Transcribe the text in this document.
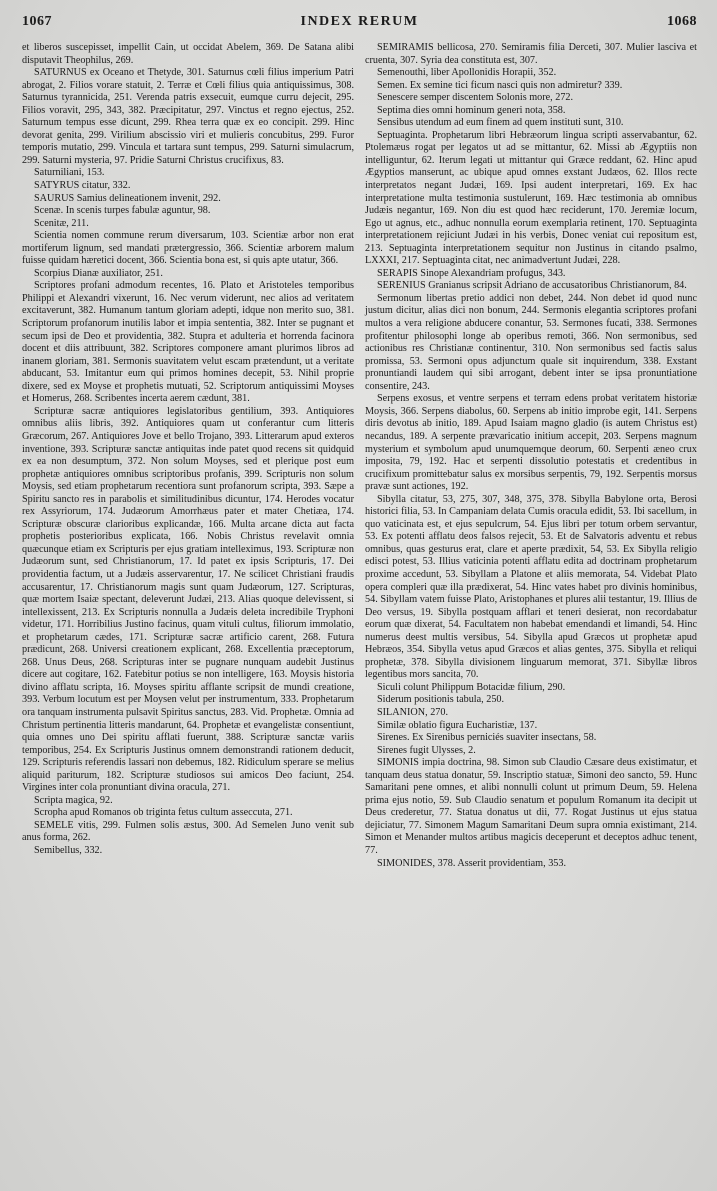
1067	INDEX RERUM	1068

et liberos suscepisset, impellit Cain, ut occidat Abelem, 369. De Satana alibi disputavit Theophilus, 269.

SATURNUS ex Oceano et Thetyde, 301. Saturnus cœli filius imperium Patri abrogat, 2. Filios vorare statuit, 2. Terræ et Cœli filius quia antiquissimus, 308. Saturnus tyrannicida, 251. Verenda patris exsecuit, eumque curru dejecit, 295. Filios voravit, 295, 343, 382. Præcipitatur, 297. Vinctus et regno ejectus, 252. Saturnum tempus esse dicunt, 299. Rhea terra quæ ex eo concipit. 299. Hinc devorat genita, 299. Virilium abscissio viri et mulieris concubitus, 299. Furor temporis mutatio, 299. Vincula et tartara sunt tempus, 299. Saturni simulacrum, 299. Saturni mysteria, 97. Pridie Saturni Christus crucifixus, 83.

Saturniliani, 153.

SATYRUS citatur, 332.

SAURUS Samius delineationem invenit, 292.

Scenæ. In scenis turpes fabulæ aguntur, 98.

Scenitæ, 211.

Scientia nomen commune rerum diversarum, 103. Scientiæ arbor non erat mortiferum lignum, sed mandati prætergressio, 366. Scientiæ arborem malum fuisse quidam hæretici docent, 366. Scientia bona est, si quis apte utatur, 366.

Scorpius Dianæ auxiliator, 251.

Scriptores profani admodum recentes, 16. Plato et Aristoteles temporibus Philippi et Alexandri vixerunt, 16. Nec verum viderunt, nec alios ad veritatem excitaverunt, 382. Humanum tantum gloriam adepti, idque non merito suo, 381. Scriptorum profanorum inutilis labor et impia sententia, 382. Inter se pugnant et secum ipsi de Deo et providentia, 382. Stupra et adulteria et horrenda facinora docent et diis attribuunt, 382. Scriptores componere amant plurimos libros ad inanem gloriam, 381. Sermonis suavitatem velut escam prætendunt, ut a veritate abducant, 53. Imitantur eum qui primos homines decepit, 53. Nihil proprie dixere, sed ex Moyse et prophetis mutuati, 52. Scriptorum antiquissimi Moyses et Homerus, 268. Scribentes incerta aerem cædunt, 381.

Scripturæ sacræ antiquiores legislatoribus gentilium, 393. Antiquiores omnibus aliis libris, 392. Antiquiores quam ut conferantur cum litteris Græcorum, 267. Antiquiores Jove et bello Trojano, 393. Litterarum apud exteros inventione, 393. Scripturæ sanctæ antiquitas inde patet quod recens sit quidquid ex ea non desumptum, 372. Non solum Moyses, sed et plerique post eum prophetæ antiquiores omnibus scriptoribus profanis, 399. Scripturis non solum Moysis, sed etiam prophetarum recentiora sunt profanorum scripta, 393. Sæpe a Spiritu sancto res in parabolis et similitudinibus dicuntur, 174. Herodes vocatur rex Assyriorum, 174. Judæorum Amorrhæus pater et mater Chetiæa, 174. Scripturæ obscuræ clarioribus explicandæ, 166. Multa arcane dicta aut facta prophetis posterioribus explicata, 166. Nobis Christus revelavit omnia quæcunque etiam ex Scripturis per ejus gratiam intelleximus, 193. Scripturæ non Judæorum sunt, sed Christianorum, 17. Id patet ex ipsis Scripturis, 17. Dei providentia factum, ut a Judæis asservarentur, 17. Ne scilicet Christiani fraudis accusarentur, 17. Christianorum magis sunt quam Judæorum, 127. Scripturas, quæ mortem Isaiæ spectant, deleverunt Judæi, 213. Alias quoque delevissent, si intellexissent, 213. Ex Scripturis nonnulla a Judæis deleta incredibile Tryphoni videtur, 171. Horribilius Justino facinus, quam vituli cultus, filiorum immolatio, et prophetarum cædes, 171. Scripturæ sacræ artificio carent, 268. Futura prædicunt, 268. Universi creationem explicant, 268. Excellentia præceptorum, 268. Unus Deus, 268. Scripturas inter se pugnare nunquam audebit Justinus dicere aut cogitare, 162. Fatebitur potius se non intelligere, 163. Moysis historia divino afflatu scripta, 16. Moyses spiritu afflante scripsit de mundi creatione, 393. Verbum locutum est per Moysen velut per instrumentum, 333. Prophetarum ora tanquam instrumenta pulsavit Spiritus sanctus, 283. Vid. Prophetæ. Omnia ad Christum pertinentia litteris mandarunt, 64. Prophetæ et evangelistæ consentiunt, quia omnes uno Dei spiritu afflati fuerunt, 388. Scripturæ sanctæ variis temporibus, 254. Ex Scripturis Justinus omnem demonstrandi rationem deducit, 129. Scripturis referendis lassari non debemus, 182. Ridiculum sperare se melius aliquid pariturum, 182. Scripturæ studiosos sui amicos Deo faciunt, 254. Virgines inter cola pronuntiant divina oracula, 271.

Scripta magica, 92.

Scropha apud Romanos ob triginta fetus cultum asseccuta, 271.

SEMELE vitis, 299. Fulmen solis æstus, 300. Ad Semelen Juno venit sub anus forma, 262.

Semibellus, 332.

SEMIRAMIS bellicosa, 270. Semiramis filia Derceti, 307. Mulier lasciva et cruenta, 307. Syria dea constituta est, 307.

Semenouthi, liber Apollonidis Horapii, 352.

Semen. Ex semine tici ficum nasci quis non admiretur? 339.

Senescere semper discentem Solonis more, 272.

Septima dies omni hominum generi nota, 358.

Sensibus utendum ad eum finem ad quem instituti sunt, 310.

Septuaginta. Prophetarum libri Hebræorum lingua scripti asservabantur, 62. Ptolemæus rogat per legatos ut ad se mittantur, 62. Missi ab Ægyptiis non intelliguntur, 62. Iterum legati ut mittantur qui Græce reddant, 62. Hinc apud Ægyptios manserunt, ac ubique apud omnes exstant Judæos, 62. Illos recte interpretatos negant Judæi, 169. Ipsi audent interpretari, 169. Ex hac interpretatione multa testimonia sustulerunt, 169. Hæc testimonia ab omnibus Judæis negantur, 169. Non diu est quod hæc reciderunt, 170. Jeremiæ locum, Ego ut agnus, etc., adhuc nonnulla eorum exemplaria retinent, 170. Septuaginta interpretationem rejiciunt Judæi in his verbis, Donec veniat cui repositum est, 213. Septuaginta interpretationem sequitur non Justinus in citando psalmo, LXXXI, 217. Septuaginta citat, nec animadvertunt Judæi, 228.

SERAPIS Sinope Alexandriam profugus, 343.

SERENIUS Granianus scripsit Adriano de accusatoribus Christianorum, 84.

Sermonum libertas pretio addici non debet, 244. Non debet id quod nunc justum dicitur, alias dici non bonum, 244. Sermonis elegantia scriptores profani multos a vera religione abducere conantur, 53. Sermones fucati, 338. Sermones profitentur philosophi longe ab operibus remoti, 366. Non sermonibus, sed actionibus res Christianæ continentur, 310. Non sermonibus sed factis salus promissa, 53. Sermoni opus adjunctum quale sit inquirendum, 338. Exstant pronuntiandi laudem qui sibi arrogant, debent inter se ipsa pronuntiatione consentire, 243.

Serpens exosus, et ventre serpens et terram edens probat veritatem historiæ Moysis, 366. Serpens diabolus, 60. Serpens ab initio improbe egit, 141. Serpens diris devotus ab initio, 189. Apud Isaiam magno gladio (is autem Christus est) necandus, 189. A serpente prævaricatio initium accepit, 203. Serpens magnum mysterium et symbolum apud unumquemque deorum, 60. Serpenti æneo crux imposita, 79, 192. Hac et serpenti dissolutio potestatis et credentibus in crucifixum promittebatur salus ex morsibus serpentis, 79, 192. Serpentis morsus pravæ sunt actiones, 192.

Sibylla citatur, 53, 275, 307, 348, 375, 378. Sibylla Babylone orta, Berosi historici filia, 53. In Campaniam delata Cumis oracula edidit, 53. Ibi sacellum, in quo vaticinata est, et ejus sepulcrum, 54. Ejus libri per totum orbem servantur, 53. Ex potenti afflatu deos falsos rejecit, 53. Et de Salvatoris adventu et rebus omnibus, quas gesturus erat, clare et aperte prædixit, 54, 53. Ex Sibylla religio edisci potest, 53. Illius vaticinia potenti afflatu edita ad doctrinam prophetarum proxime accedunt, 53. Sibyllam a Platone et aliis memorata, 54. Videbat Plato opera compleri quæ illa prædixerat, 54. Hinc vates habet pro divinis hominibus, 54. Sibyllam vatem fuisse Plato, Aristophanes et plures alii testantur, 19. Illius de Deo versus, 19. Sibylla postquam afflari et teneri desierat, non recordabatur eorum quæ dixerat, 54. Facultatem non habebat emendandi et limandi, 54. Hinc numerus deest multis versibus, 54. Sibylla apud Græcos ut prophetæ apud Hebræos, 354. Sibylla vetus apud Græcos et alias gentes, 375. Sibylla et reliqui prophetæ, 378. Sibylla divisionem linguarum memorat, 371. Sibyllæ libros legentibus mors sancita, 70.

Siculi colunt Philippum Botacidæ filium, 290.

Siderum positionis tabula, 250.

SILANION, 270.

Similæ oblatio figura Eucharistiæ, 137.

Sirenes. Ex Sirenibus perniciés suaviter insectans, 58.

Sirenes fugit Ulysses, 2.

SIMONIS impia doctrina, 98. Simon sub Claudio Cæsare deus existimatur, et tanquam deus statua donatur, 59. Inscriptio statuæ, Simoni deo sancto, 59. Hunc Samaritani pene omnes, et alibi nonnulli colunt ut primum Deum, 59. Helena prima ejus notio, 59. Sub Claudio senatum et populum Romanum ita decipit ut Deus crederetur, 77. Statua donatus ut dii, 77. Rogat Justinus ut ejus statua dejiciatur, 77. Simonem Magum Samaritani Deum supra omnia existimant, 214. Simon et Menander multos artibus magicis deceperunt et deceptos adhuc tenent, 77.

SIMONIDES, 378. Asserit providentiam, 353.
